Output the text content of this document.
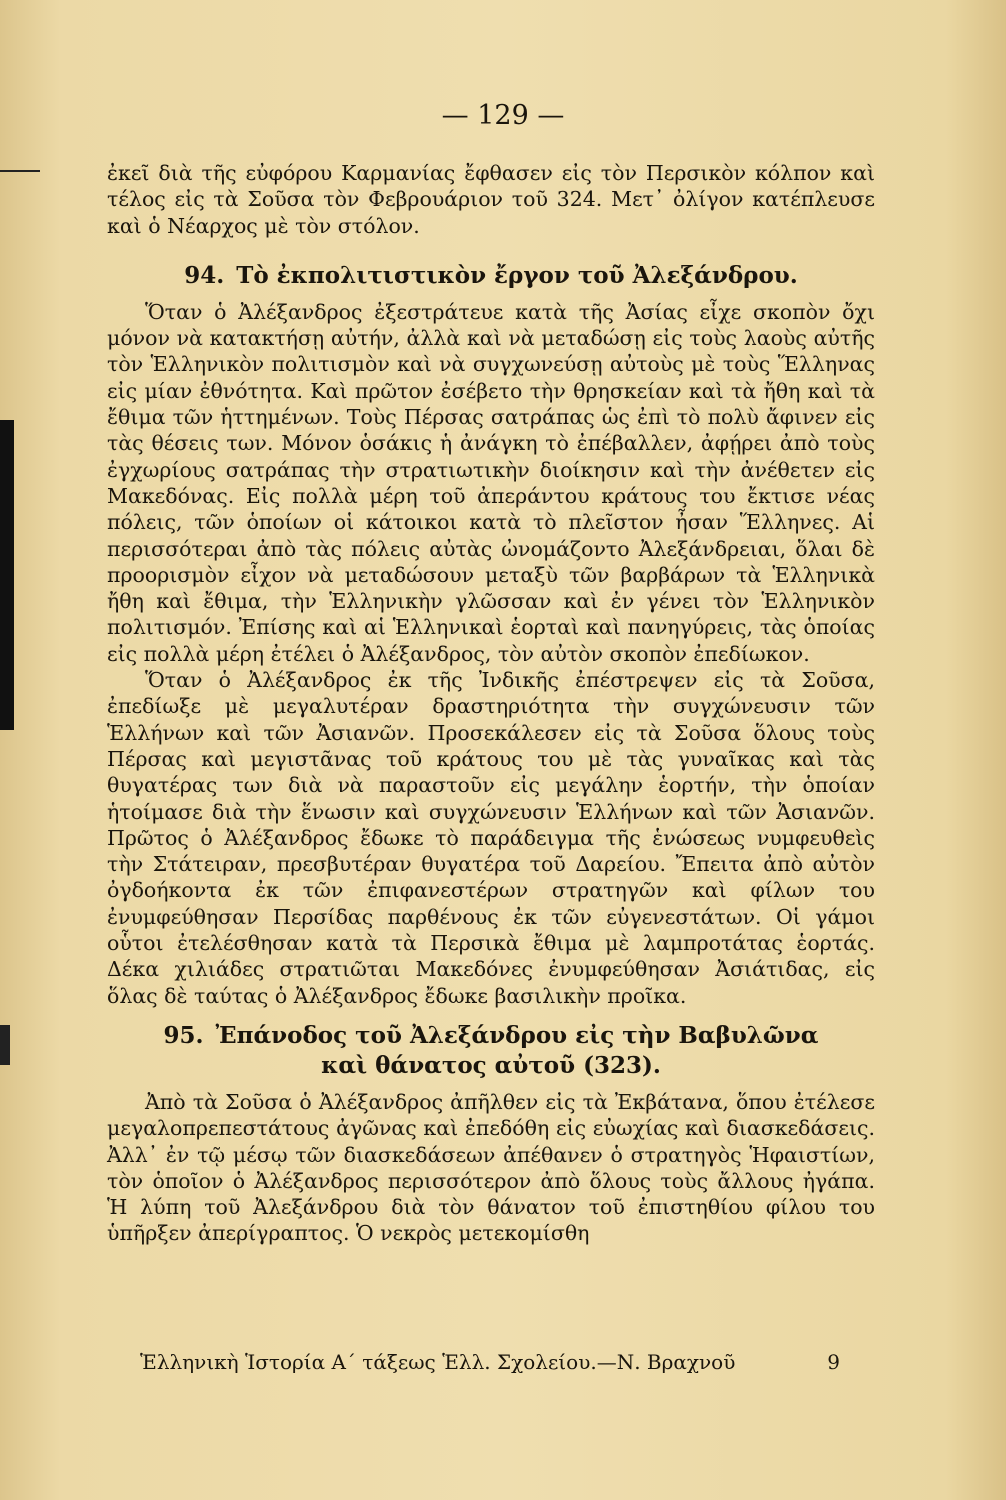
— 129 —

ἐκεῖ διὰ τῆς εὐφόρου Καρμανίας ἔφθασεν εἰς τὸν Περσικὸν κόλπον καὶ τέλος εἰς τὰ Σοῦσα τὸν Φεβρουάριον τοῦ 324. Μετ᾽ ὀλίγον κατέπλευσε καὶ ὁ Νέαρχος μὲ τὸν στόλον.

94. Τὸ ἐκπολιτιστικὸν ἔργον τοῦ Ἀλεξάνδρου.

Ὅταν ὁ Ἀλέξανδρος ἐξεστράτευε κατὰ τῆς Ἀσίας εἶχε σκοπὸν ὄχι μόνον νὰ κατακτήσῃ αὐτήν, ἀλλὰ καὶ νὰ μεταδώσῃ εἰς τοὺς λαοὺς αὐτῆς τὸν Ἑλληνικὸν πολιτισμὸν καὶ νὰ συγχωνεύσῃ αὐτοὺς μὲ τοὺς Ἕλληνας εἰς μίαν ἐθνότητα. Καὶ πρῶτον ἐσέβετο τὴν θρησκείαν καὶ τὰ ἤθη καὶ τὰ ἔθιμα τῶν ἡττημένων. Τοὺς Πέρσας σατράπας ὡς ἐπὶ τὸ πολὺ ἄφινεν εἰς τὰς θέσεις των. Μόνον ὁσάκις ἡ ἀνάγκη τὸ ἐπέβαλλεν, ἀφῄρει ἀπὸ τοὺς ἐγχωρίους σατράπας τὴν στρατιωτικὴν διοίκησιν καὶ τὴν ἀνέθετεν εἰς Μακεδόνας. Εἰς πολλὰ μέρη τοῦ ἀπεράντου κράτους του ἔκτισε νέας πόλεις, τῶν ὁποίων οἱ κάτοικοι κατὰ τὸ πλεῖστον ἦσαν Ἕλληνες. Αἱ περισσότεραι ἀπὸ τὰς πόλεις αὐτὰς ὠνομάζοντο Ἀλεξάνδρειαι, ὅλαι δὲ προορισμὸν εἶχον νὰ μεταδώσουν μεταξὺ τῶν βαρβάρων τὰ Ἑλληνικὰ ἤθη καὶ ἔθιμα, τὴν Ἑλληνικὴν γλῶσσαν καὶ ἐν γένει τὸν Ἑλληνικὸν πολιτισμόν. Ἐπίσης καὶ αἱ Ἑλληνικαὶ ἑορταὶ καὶ πανηγύρεις, τὰς ὁποίας εἰς πολλὰ μέρη ἐτέλει ὁ Ἀλέξανδρος, τὸν αὐτὸν σκοπὸν ἐπεδίωκον.

Ὅταν ὁ Ἀλέξανδρος ἐκ τῆς Ἰνδικῆς ἐπέστρεψεν εἰς τὰ Σοῦσα, ἐπεδίωξε μὲ μεγαλυτέραν δραστηριότητα τὴν συγχώνευσιν τῶν Ἑλλήνων καὶ τῶν Ἀσιανῶν. Προσεκάλεσεν εἰς τὰ Σοῦσα ὅλους τοὺς Πέρσας καὶ μεγιστᾶνας τοῦ κράτους του μὲ τὰς γυναῖκας καὶ τὰς θυγατέρας των διὰ νὰ παραστοῦν εἰς μεγάλην ἑορτήν, τὴν ὁποίαν ἡτοίμασε διὰ τὴν ἕνωσιν καὶ συγχώνευσιν Ἑλλήνων καὶ τῶν Ἀσιανῶν. Πρῶτος ὁ Ἀλέξανδρος ἔδωκε τὸ παράδειγμα τῆς ἑνώσεως νυμφευθεὶς τὴν Στάτειραν, πρεσβυτέραν θυγατέρα τοῦ Δαρείου. Ἔπειτα ἀπὸ αὐτὸν ὀγδοήκοντα ἐκ τῶν ἐπιφανεστέρων στρατηγῶν καὶ φίλων του ἐνυμφεύθησαν Περσίδας παρθένους ἐκ τῶν εὐγενεστάτων. Οἱ γάμοι οὗτοι ἐτελέσθησαν κατὰ τὰ Περσικὰ ἔθιμα μὲ λαμπροτάτας ἑορτάς. Δέκα χιλιάδες στρατιῶται Μακεδόνες ἐνυμφεύθησαν Ἀσιάτιδας, εἰς ὅλας δὲ ταύτας ὁ Ἀλέξανδρος ἔδωκε βασιλικὴν προῖκα.

95. Ἐπάνοδος τοῦ Ἀλεξάνδρου εἰς τὴν Βαβυλῶνα
καὶ θάνατος αὐτοῦ (323).

Ἀπὸ τὰ Σοῦσα ὁ Ἀλέξανδρος ἀπῆλθεν εἰς τὰ Ἐκβάτανα, ὅπου ἐτέλεσε μεγαλοπρεπεστάτους ἀγῶνας καὶ ἐπεδόθη εἰς εὐωχίας καὶ διασκεδάσεις. Ἀλλ᾽ ἐν τῷ μέσῳ τῶν διασκεδάσεων ἀπέθανεν ὁ στρατηγὸς Ἡφαιστίων, τὸν ὁποῖον ὁ Ἀλέξανδρος περισσότερον ἀπὸ ὅλους τοὺς ἄλλους ἠγάπα. Ἡ λύπη τοῦ Ἀλεξάνδρου διὰ τὸν θάνατον τοῦ ἐπιστηθίου φίλου του ὑπῆρξεν ἀπερίγραπτος. Ὁ νεκρὸς μετεκομίσθη

Ἑλληνικὴ Ἱστορία Α΄ τάξεως Ἑλλ. Σχολείου.—Ν. Βραχνοῦ	9
